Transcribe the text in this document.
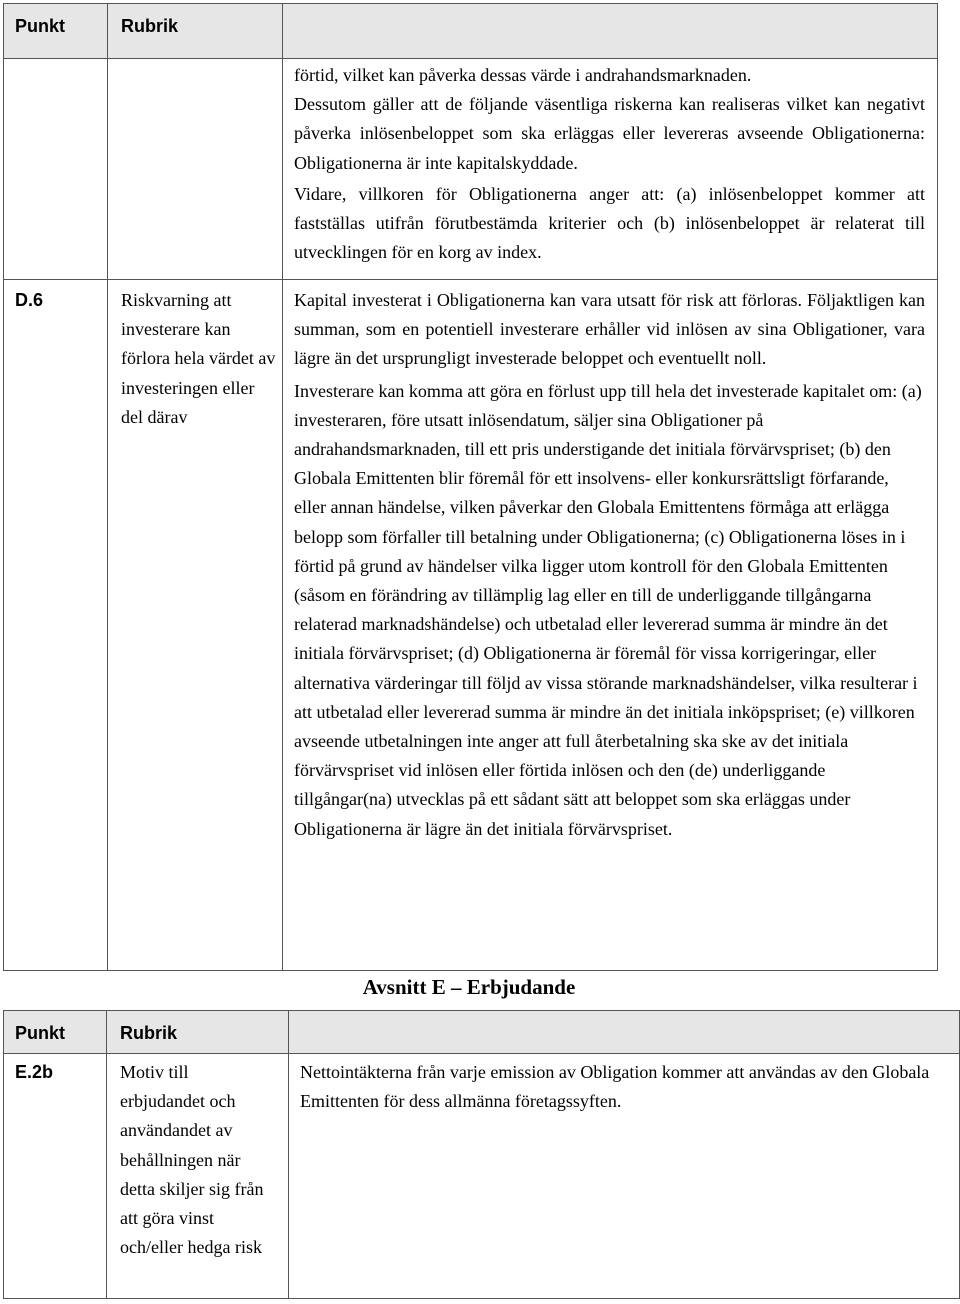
Punkt	Rubrik	

		förtid, vilket kan påverka dessas värde i andrahandsmarknaden.

Dessutom gäller att de följande väsentliga riskerna kan realiseras vilket kan negativt påverka inlösenbeloppet som ska erläggas eller levereras avseende Obligationerna: Obligationerna är inte kapitalskyddade.

Vidare, villkoren för Obligationerna anger att: (a) inlösenbeloppet kommer att fastställas utifrån förutbestämda kriterier och (b) inlösenbeloppet är relaterat till utvecklingen för en korg av index.

D.6	Riskvarning att investerare kan förlora hela värdet av investeringen eller del därav	Kapital investerat i Obligationerna kan vara utsatt för risk att förloras. Följaktligen kan summan, som en potentiell investerare erhåller vid inlösen av sina Obligationer, vara lägre än det ursprungligt investerade beloppet och eventuellt noll.

Investerare kan komma att göra en förlust upp till hela det investerade kapitalet om: (a) investeraren, före utsatt inlösendatum, säljer sina Obligationer på andrahandsmarknaden, till ett pris understigande det initiala förvärvspriset; (b) den Globala Emittenten blir föremål för ett insolvens- eller konkursrättsligt förfarande, eller annan händelse, vilken påverkar den Globala Emittentens förmåga att erlägga belopp som förfaller till betalning under Obligationerna; (c) Obligationerna löses in i förtid på grund av händelser vilka ligger utom kontroll för den Globala Emittenten (såsom en förändring av tillämplig lag eller en till de underliggande tillgångarna relaterad marknadshändelse) och utbetalad eller levererad summa är mindre än det initiala förvärvspriset; (d) Obligationerna är föremål för vissa korrigeringar, eller alternativa värderingar till följd av vissa störande marknadshändelser, vilka resulterar i att utbetalad eller levererad summa är mindre än det initiala inköpspriset; (e) villkoren avseende utbetalningen inte anger att full återbetalning ska ske av det initiala förvärvspriset vid inlösen eller förtida inlösen och den (de) underliggande tillgångar(na) utvecklas på ett sådant sätt att beloppet som ska erläggas under Obligationerna är lägre än det initiala förvärvspriset.

Avsnitt E – Erbjudande
Punkt	Rubrik	
E.2b	Motiv till erbjudandet och användandet av behållningen när detta skiljer sig från att göra vinst och/eller hedga risk	Nettointäkterna från varje emission av Obligation kommer att användas av den Globala Emittenten för dess allmänna företagssyften.
